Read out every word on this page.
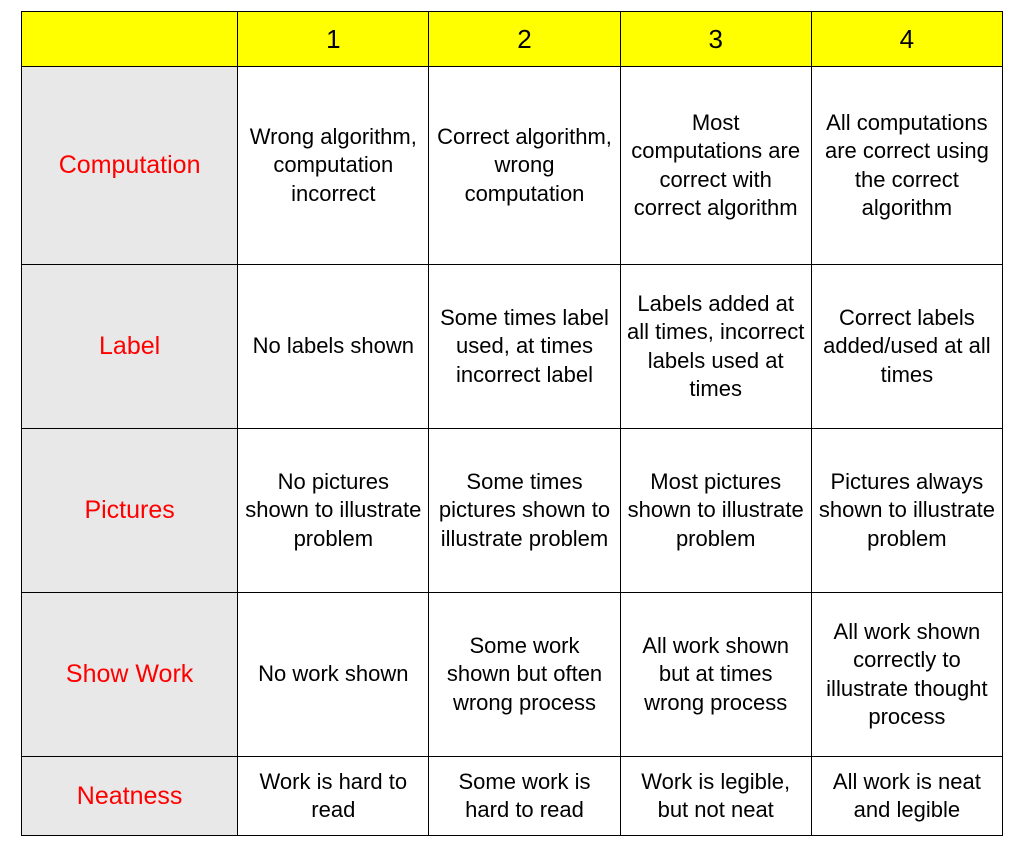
	1	2	3	4
Computation	Wrong algorithm, computation incorrect	Correct algorithm, wrong computation	Most computations are correct with correct algorithm	All computations are correct using the correct algorithm
Label	No labels shown	Some times label used, at times incorrect label	Labels added at all times, incorrect labels used at times	Correct labels added/used at all times
Pictures	No pictures shown to illustrate problem	Some times pictures shown to illustrate problem	Most pictures shown to illustrate problem	Pictures always shown to illustrate problem
Show Work	No work shown	Some work shown but often wrong process	All work shown but at times wrong process	All work shown correctly to illustrate thought process
Neatness	Work is hard to read	Some work is hard to read	Work is legible, but not neat	All work is neat and legible
